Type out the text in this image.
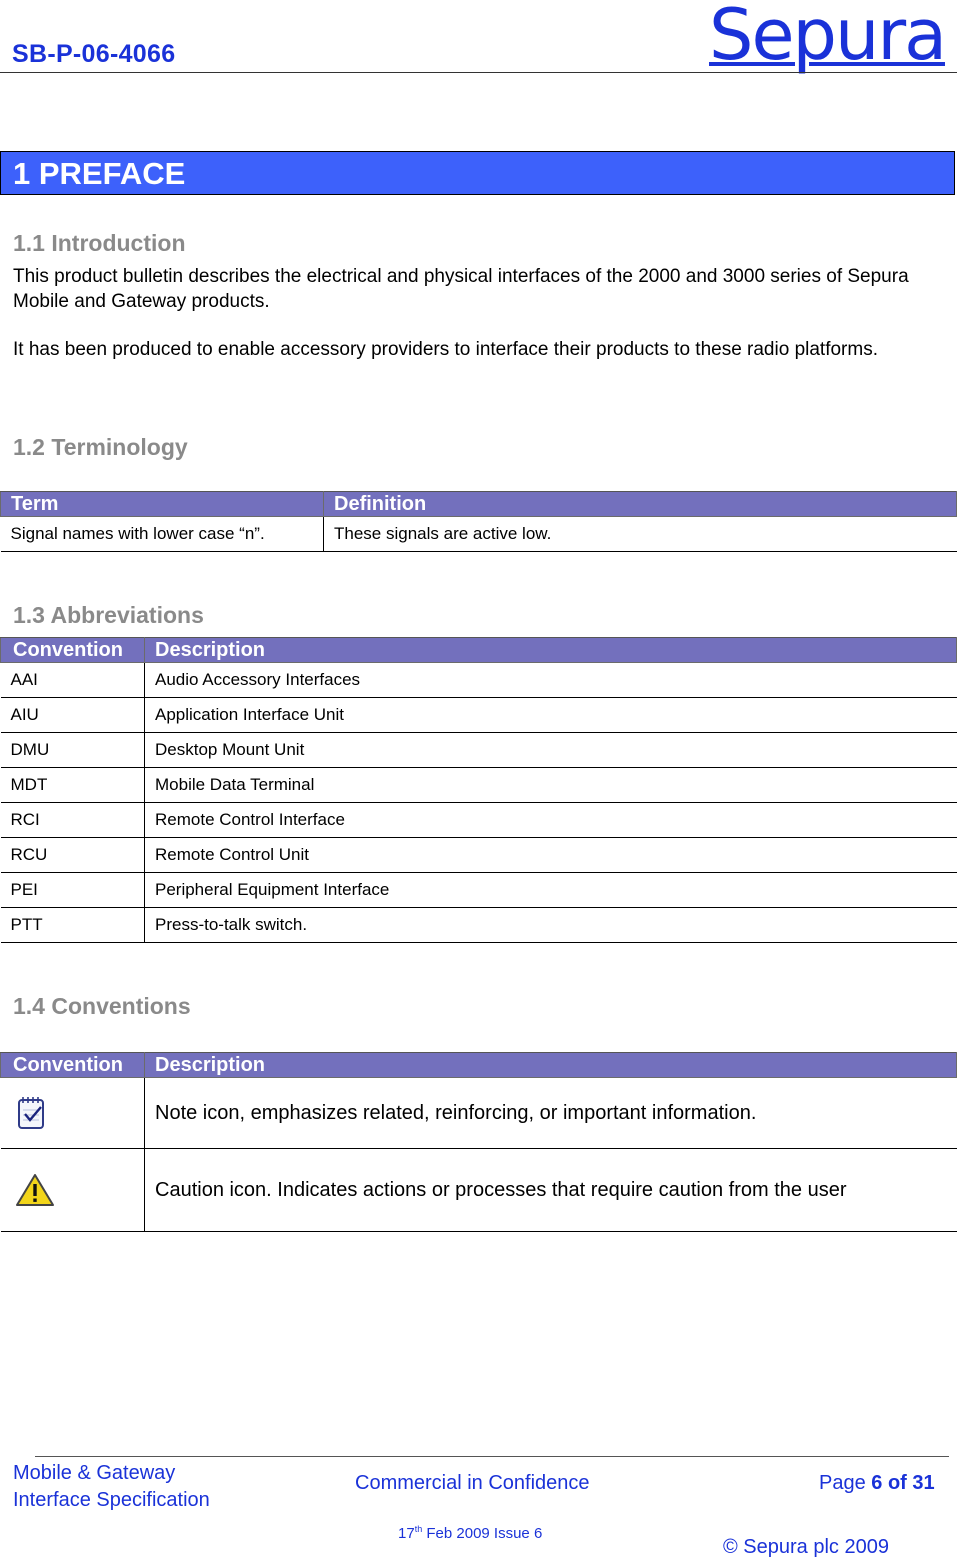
SB-P-06-4066	Sepura
1 PREFACE
1.1 Introduction
This product bulletin describes the electrical and physical interfaces of the 2000 and 3000 series of Sepura Mobile and Gateway products.
It has been produced to enable accessory providers to interface their products to these radio platforms.
1.2 Terminology
Term	Definition
Signal names with lower case “n”.	These signals are active low.
1.3 Abbreviations
Convention	Description
AAI	Audio Accessory Interfaces
AIU	Application Interface Unit
DMU	Desktop Mount Unit
MDT	Mobile Data Terminal
RCI	Remote Control Interface
RCU	Remote Control Unit
PEI	Peripheral Equipment Interface
PTT	Press-to-talk switch.
1.4 Conventions
Convention	Description
	Note icon, emphasizes related, reinforcing, or important information.
	Caution icon. Indicates actions or processes that require caution from the user
Mobile & Gateway
Interface Specification
Commercial in Confidence	Page 6 of 31
17th Feb 2009 Issue 6
© Sepura plc 2009
